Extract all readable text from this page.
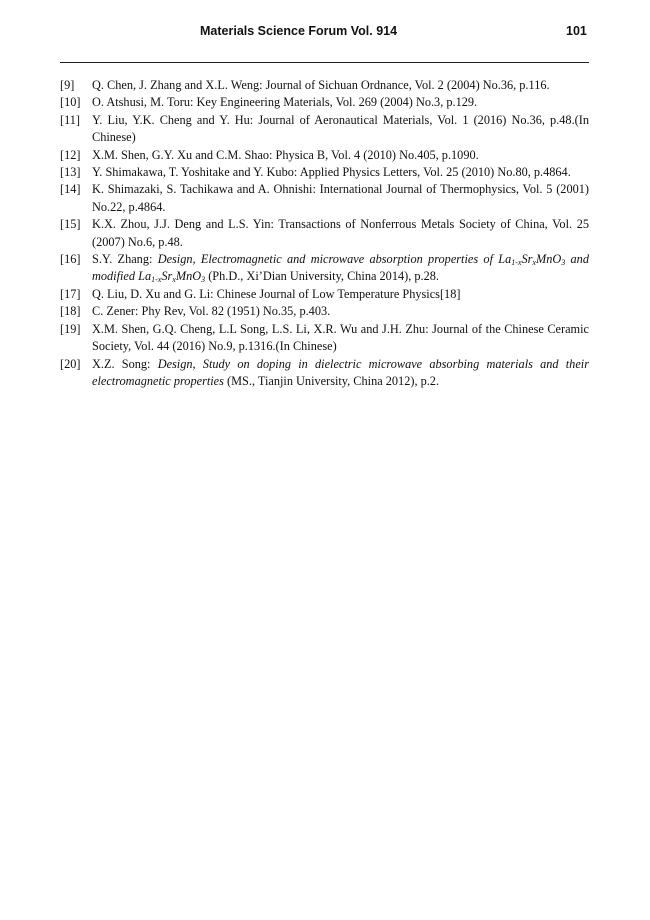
Materials Science Forum Vol. 914	101
[9] Q. Chen, J. Zhang and X.L. Weng: Journal of Sichuan Ordnance, Vol. 2 (2004) No.36, p.116.
[10] O. Atshusi, M. Toru: Key Engineering Materials, Vol. 269 (2004) No.3, p.129.
[11] Y. Liu, Y.K. Cheng and Y. Hu: Journal of Aeronautical Materials, Vol. 1 (2016) No.36, p.48.(In Chinese)
[12] X.M. Shen, G.Y. Xu and C.M. Shao: Physica B, Vol. 4 (2010) No.405, p.1090.
[13] Y. Shimakawa, T. Yoshitake and Y. Kubo: Applied Physics Letters, Vol. 25 (2010) No.80, p.4864.
[14] K. Shimazaki, S. Tachikawa and A. Ohnishi: International Journal of Thermophysics, Vol. 5 (2001) No.22, p.4864.
[15] K.X. Zhou, J.J. Deng and L.S. Yin: Transactions of Nonferrous Metals Society of China, Vol. 25 (2007) No.6, p.48.
[16] S.Y. Zhang: Design, Electromagnetic and microwave absorption properties of $La_{1-x}Sr_xMnO_3$ and modified $La_{1-x}Sr_xMnO_3$ (Ph.D., Xi’Dian University, China 2014), p.28.
[17] Q. Liu, D. Xu and G. Li: Chinese Journal of Low Temperature Physics[18]
[18] C. Zener: Phy Rev, Vol. 82 (1951) No.35, p.403.
[19] X.M. Shen, G.Q. Cheng, L.L Song, L.S. Li, X.R. Wu and J.H. Zhu: Journal of the Chinese Ceramic Society, Vol. 44 (2016) No.9, p.1316.(In Chinese)
[20] X.Z. Song: Design, Study on doping in dielectric microwave absorbing materials and their electromagnetic properties (MS., Tianjin University, China 2012), p.2.
